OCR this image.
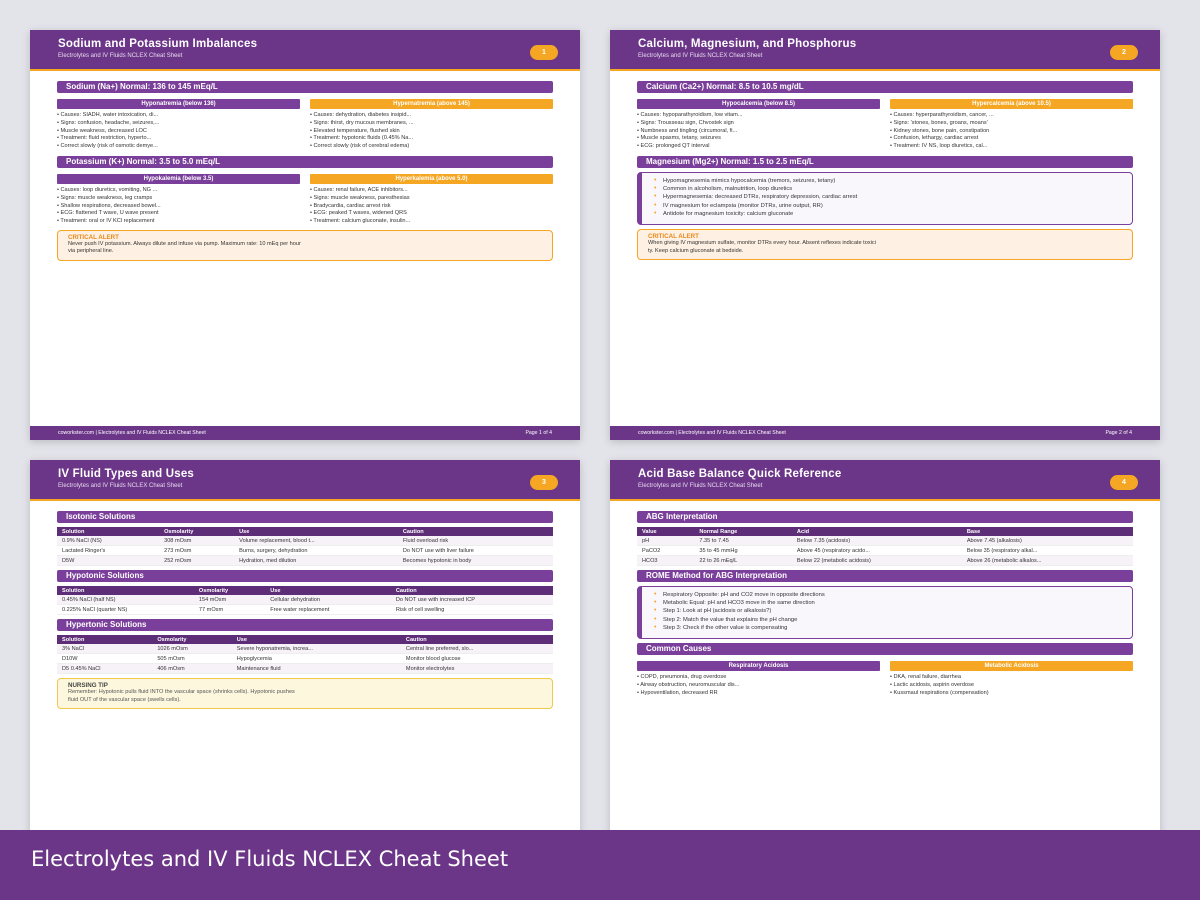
Sodium and Potassium Imbalances
Electrolytes and IV Fluids NCLEX Cheat Sheet	1
Sodium (Na+) Normal: 136 to 145 mEq/L
Hyponatremia (below 136)
• Causes: SIADH, water intoxication, di...
• Signs: confusion, headache, seizures,...
• Muscle weakness, decreased LOC
• Treatment: fluid restriction, hyperto...
• Correct slowly (risk of osmotic demye...
Hypernatremia (above 145)
• Causes: dehydration, diabetes insipid...
• Signs: thirst, dry mucous membranes, ...
• Elevated temperature, flushed skin
• Treatment: hypotonic fluids (0.45% Na...
• Correct slowly (risk of cerebral edema)
Potassium (K+) Normal: 3.5 to 5.0 mEq/L
Hypokalemia (below 3.5)
• Causes: loop diuretics, vomiting, NG ...
• Signs: muscle weakness, leg cramps
• Shallow respirations, decreased bowel...
• ECG: flattened T wave, U wave present
• Treatment: oral or IV KCl replacement
Hyperkalemia (above 5.0)
• Causes: renal failure, ACE inhibitors...
• Signs: muscle weakness, paresthesias
• Bradycardia, cardiac arrest risk
• ECG: peaked T waves, widened QRS
• Treatment: calcium gluconate, insulin...
CRITICAL ALERT
Never push IV potassium. Always dilute and infuse via pump. Maximum rate: 10 mEq per hour
via peripheral line.
coworkster.com | Electrolytes and IV Fluids NCLEX Cheat Sheet	Page 1 of 4
Calcium, Magnesium, and Phosphorus
Electrolytes and IV Fluids NCLEX Cheat Sheet	2
Calcium (Ca2+) Normal: 8.5 to 10.5 mg/dL
Hypocalcemia (below 8.5)
• Causes: hypoparathyroidism, low vitam...
• Signs: Trousseau sign, Chvostek sign
• Numbness and tingling (circumoral, fi...
• Muscle spasms, tetany, seizures
• ECG: prolonged QT interval
Hypercalcemia (above 10.5)
• Causes: hyperparathyroidism, cancer, ...
• Signs: 'stones, bones, groans, moans'
• Kidney stones, bone pain, constipation
• Confusion, lethargy, cardiac arrest
• Treatment: IV NS, loop diuretics, cal...
Magnesium (Mg2+) Normal: 1.5 to 2.5 mEq/L
• Hypomagnesemia mimics hypocalcemia (tremors, seizures, tetany)
• Common in alcoholism, malnutrition, loop diuretics
• Hypermagnesemia: decreased DTRs, respiratory depression, cardiac arrest
• IV magnesium for eclampsia (monitor DTRs, urine output, RR)
• Antidote for magnesium toxicity: calcium gluconate
CRITICAL ALERT
When giving IV magnesium sulfate, monitor DTRs every hour. Absent reflexes indicate toxici
ty. Keep calcium gluconate at bedside.
coworkster.com | Electrolytes and IV Fluids NCLEX Cheat Sheet	Page 2 of 4
IV Fluid Types and Uses
Electrolytes and IV Fluids NCLEX Cheat Sheet	3
Isotonic Solutions
Solution	Osmolarity	Use	Caution
0.9% NaCl (NS)	308 mOsm	Volume replacement, blood t...	Fluid overload risk
Lactated Ringer's	273 mOsm	Burns, surgery, dehydration	Do NOT use with liver failure
D5W	252 mOsm	Hydration, med dilution	Becomes hypotonic in body
Hypotonic Solutions
Solution	Osmolarity	Use	Caution
0.45% NaCl (half NS)	154 mOsm	Cellular dehydration	Do NOT use with increased ICP
0.225% NaCl (quarter NS)	77 mOsm	Free water replacement	Risk of cell swelling
Hypertonic Solutions
Solution	Osmolarity	Use	Caution
3% NaCl	1026 mOsm	Severe hyponatremia, increa...	Central line preferred, slo...
D10W	505 mOsm	Hypoglycemia	Monitor blood glucose
D5 0.45% NaCl	406 mOsm	Maintenance fluid	Monitor electrolytes
NURSING TIP
Remember: Hypotonic pulls fluid INTO the vascular space (shrinks cells). Hypotonic pushes
fluid OUT of the vascular space (swells cells).
Acid Base Balance Quick Reference
Electrolytes and IV Fluids NCLEX Cheat Sheet	4
ABG Interpretation
Value	Normal Range	Acid	Base
pH	7.35 to 7.45	Below 7.35 (acidosis)	Above 7.45 (alkalosis)
PaCO2	35 to 45 mmHg	Above 45 (respiratory acido...	Below 35 (respiratory alkal...
HCO3	22 to 26 mEq/L	Below 22 (metabolic acidosis)	Above 26 (metabolic alkalos...
ROME Method for ABG Interpretation
• Respiratory Opposite: pH and CO2 move in opposite directions
• Metabolic Equal: pH and HCO3 move in the same direction
• Step 1: Look at pH (acidosis or alkalosis?)
• Step 2: Match the value that explains the pH change
• Step 3: Check if the other value is compensating
Common Causes
Respiratory Acidosis
• COPD, pneumonia, drug overdose
• Airway obstruction, neuromuscular dis...
• Hypoventilation, decreased RR
Metabolic Acidosis
• DKA, renal failure, diarrhea
• Lactic acidosis, aspirin overdose
• Kussmaul respirations (compensation)
Electrolytes and IV Fluids NCLEX Cheat Sheet
